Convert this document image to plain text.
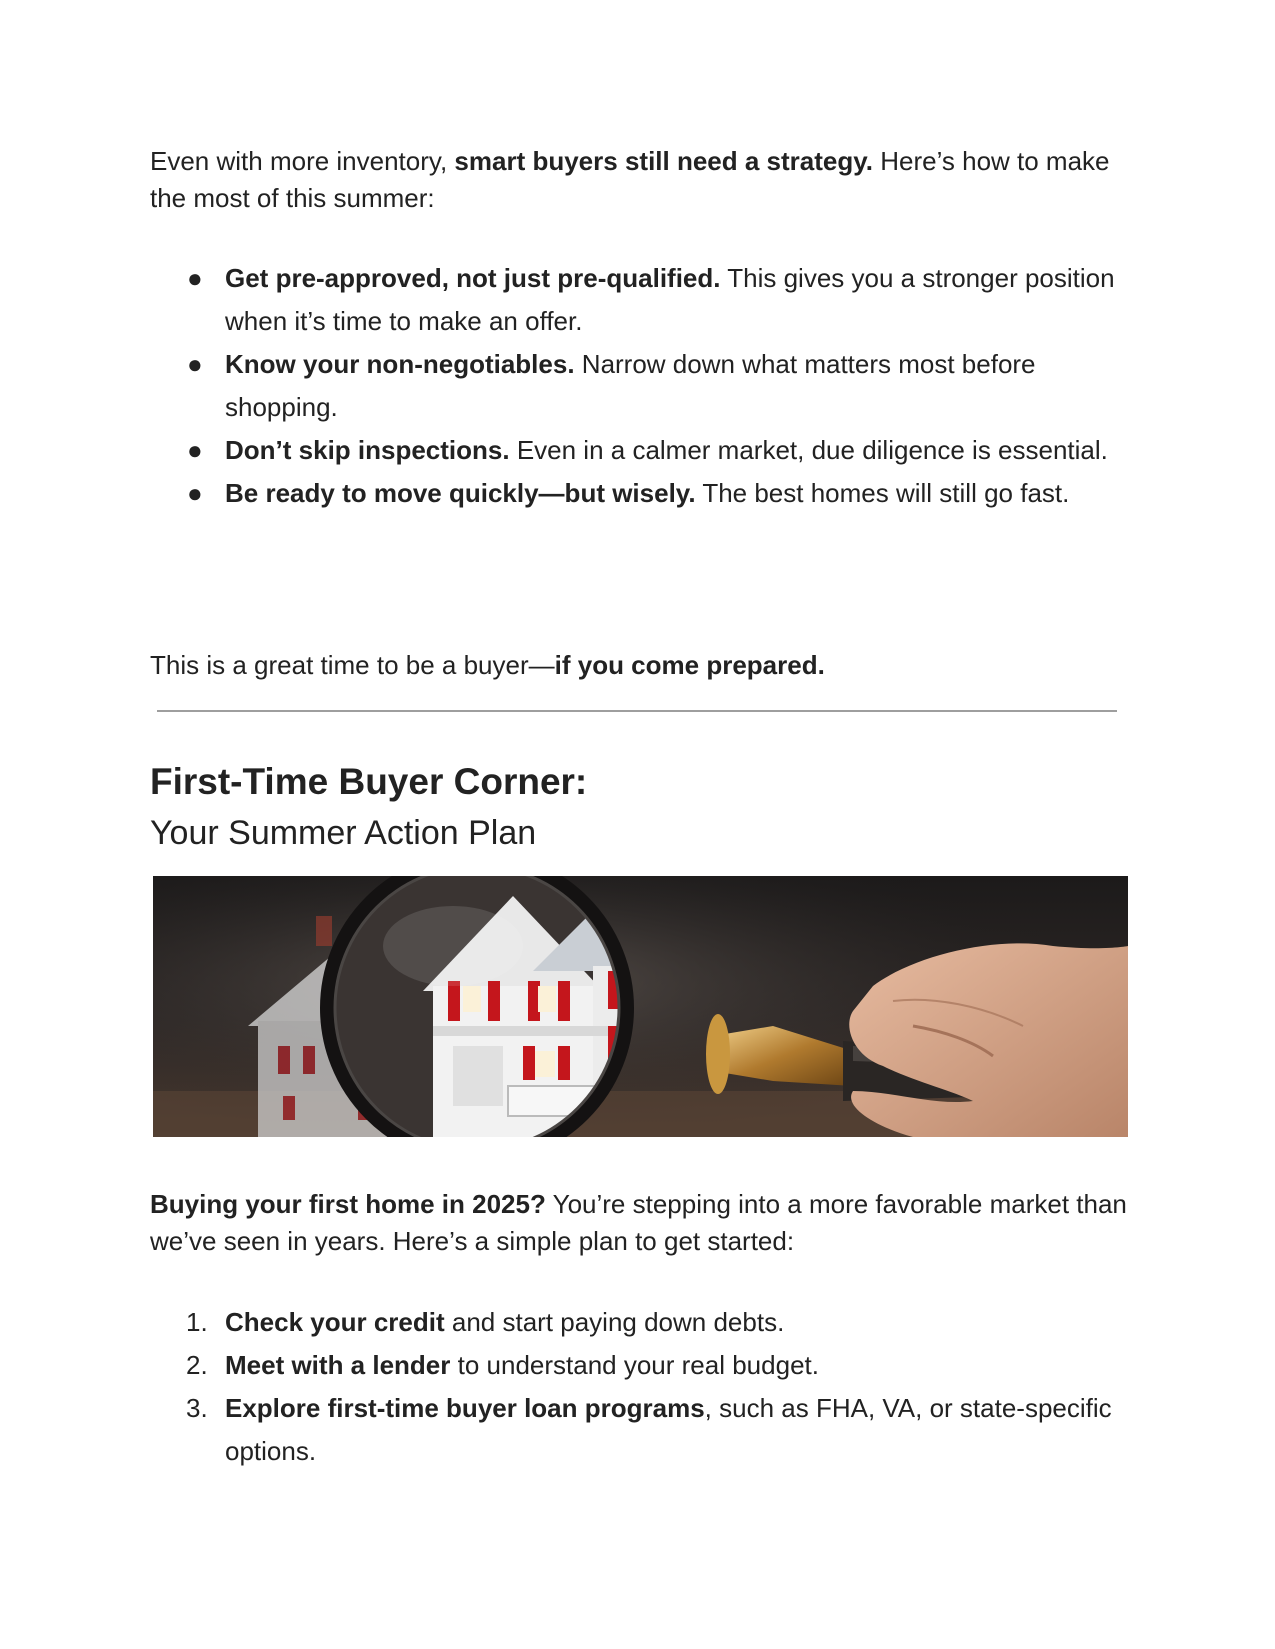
Even with more inventory, smart buyers still need a strategy. Here’s how to make the most of this summer:

● Get pre-approved, not just pre-qualified. This gives you a stronger position when it’s time to make an offer.
● Know your non-negotiables. Narrow down what matters most before shopping.
● Don’t skip inspections. Even in a calmer market, due diligence is essential.
● Be ready to move quickly—but wisely. The best homes will still go fast.

This is a great time to be a buyer—if you come prepared.

First-Time Buyer Corner:
Your Summer Action Plan

Buying your first home in 2025? You’re stepping into a more favorable market than we’ve seen in years. Here’s a simple plan to get started:

1. Check your credit and start paying down debts.
2. Meet with a lender to understand your real budget.
3. Explore first-time buyer loan programs, such as FHA, VA, or state-specific options.
